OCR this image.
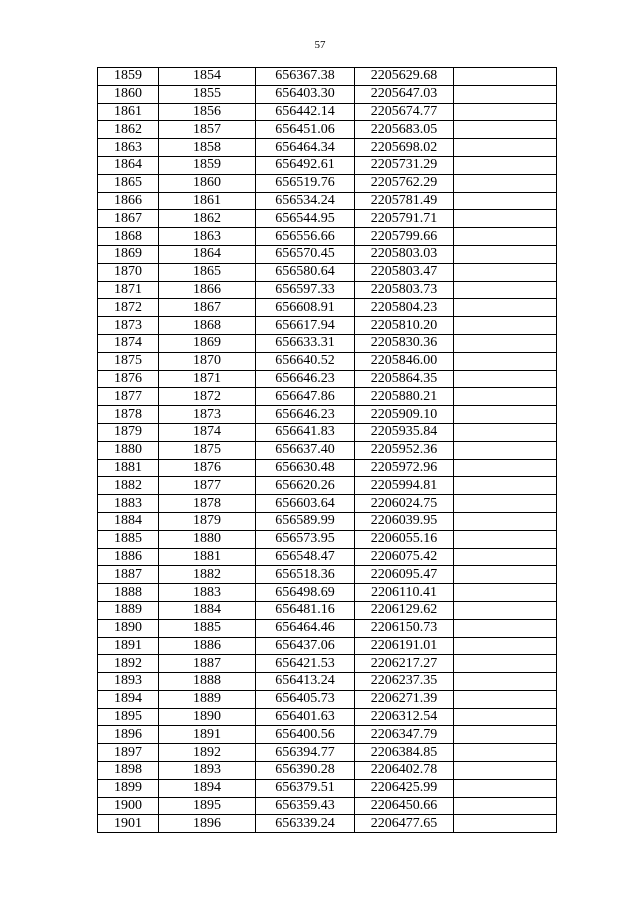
57
1859	1854	656367.38	2205629.68	
1860	1855	656403.30	2205647.03	
1861	1856	656442.14	2205674.77	
1862	1857	656451.06	2205683.05	
1863	1858	656464.34	2205698.02	
1864	1859	656492.61	2205731.29	
1865	1860	656519.76	2205762.29	
1866	1861	656534.24	2205781.49	
1867	1862	656544.95	2205791.71	
1868	1863	656556.66	2205799.66	
1869	1864	656570.45	2205803.03	
1870	1865	656580.64	2205803.47	
1871	1866	656597.33	2205803.73	
1872	1867	656608.91	2205804.23	
1873	1868	656617.94	2205810.20	
1874	1869	656633.31	2205830.36	
1875	1870	656640.52	2205846.00	
1876	1871	656646.23	2205864.35	
1877	1872	656647.86	2205880.21	
1878	1873	656646.23	2205909.10	
1879	1874	656641.83	2205935.84	
1880	1875	656637.40	2205952.36	
1881	1876	656630.48	2205972.96	
1882	1877	656620.26	2205994.81	
1883	1878	656603.64	2206024.75	
1884	1879	656589.99	2206039.95	
1885	1880	656573.95	2206055.16	
1886	1881	656548.47	2206075.42	
1887	1882	656518.36	2206095.47	
1888	1883	656498.69	2206110.41	
1889	1884	656481.16	2206129.62	
1890	1885	656464.46	2206150.73	
1891	1886	656437.06	2206191.01	
1892	1887	656421.53	2206217.27	
1893	1888	656413.24	2206237.35	
1894	1889	656405.73	2206271.39	
1895	1890	656401.63	2206312.54	
1896	1891	656400.56	2206347.79	
1897	1892	656394.77	2206384.85	
1898	1893	656390.28	2206402.78	
1899	1894	656379.51	2206425.99	
1900	1895	656359.43	2206450.66	
1901	1896	656339.24	2206477.65	
